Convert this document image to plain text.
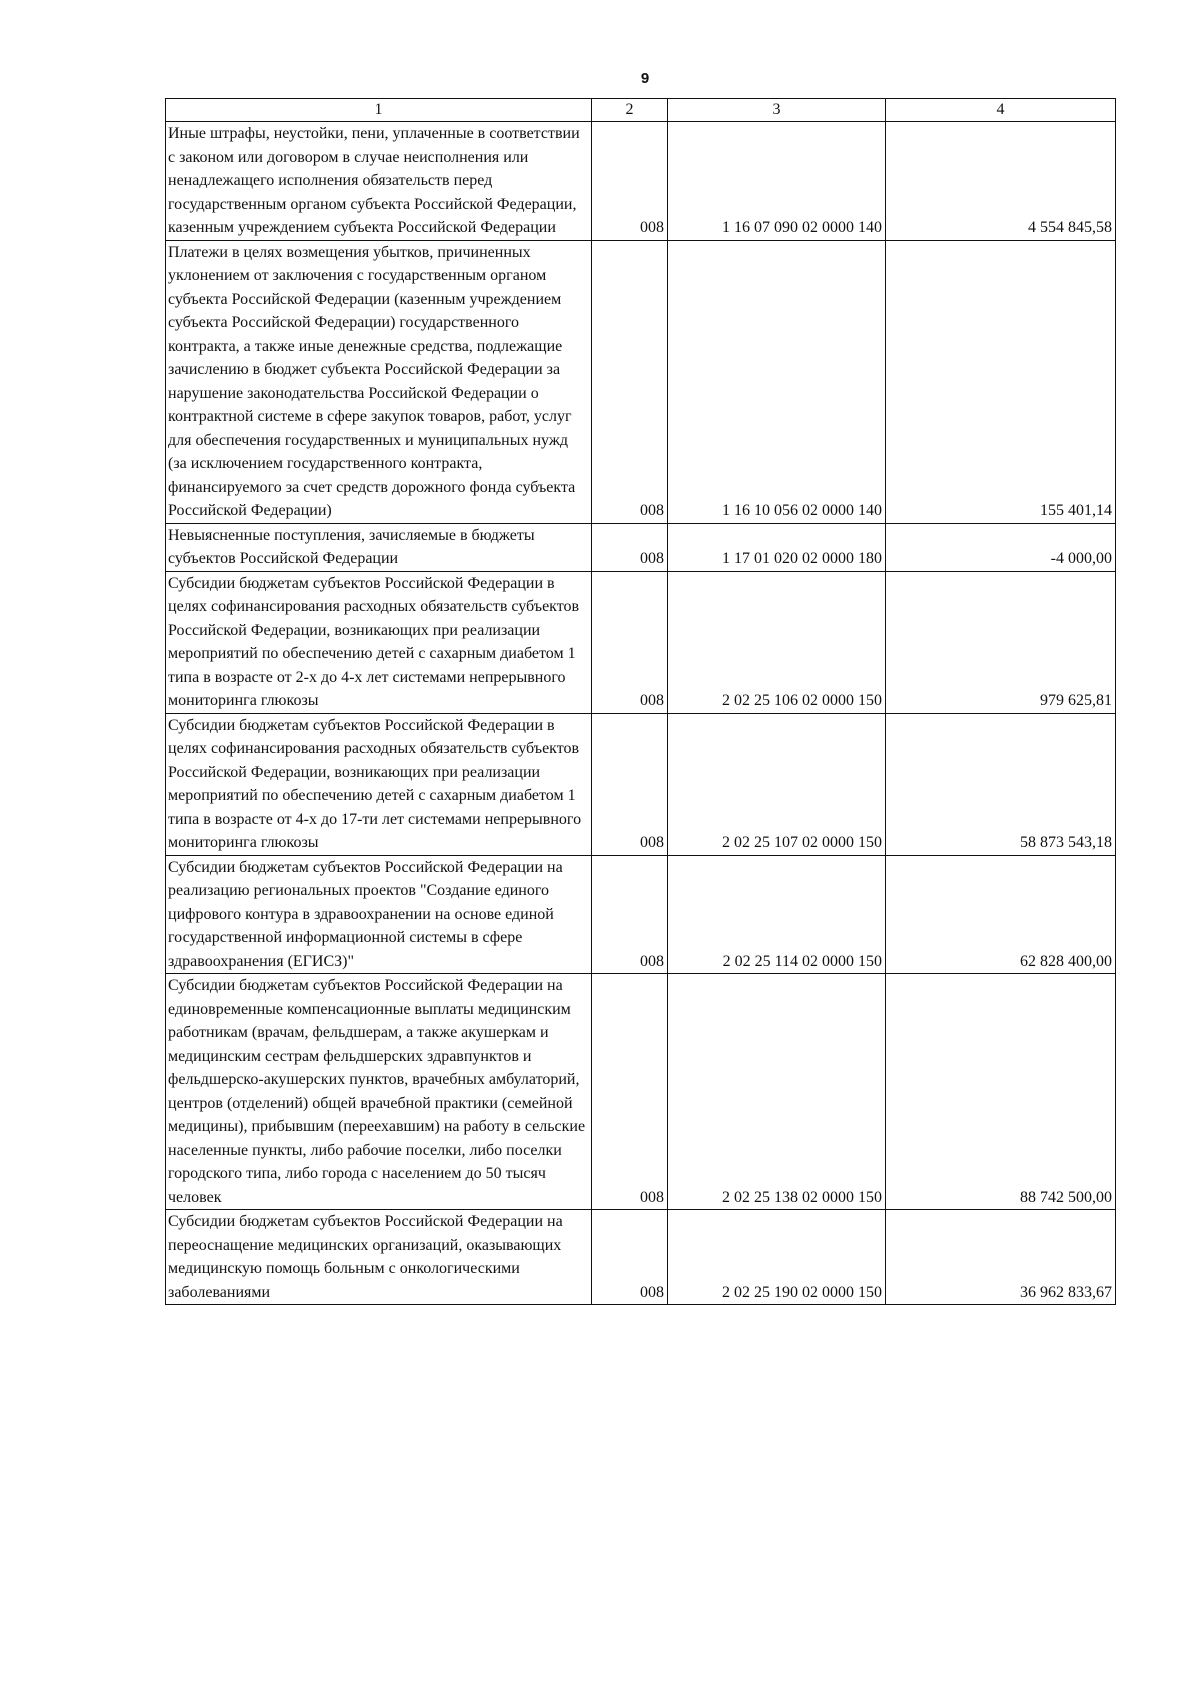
9
1	2	3	4
Иные штрафы, неустойки, пени, уплаченные в соответствии с законом или договором в случае неисполнения или ненадлежащего исполнения обязательств перед государственным органом субъекта Российской Федерации, казенным учреждением субъекта Российской Федерации	008	1 16 07 090 02 0000 140	4 554 845,58
Платежи в целях возмещения убытков, причиненных уклонением от заключения с государственным органом субъекта Российской Федерации (казенным учреждением субъекта Российской Федерации) государственного контракта, а также иные денежные средства, подлежащие зачислению в бюджет субъекта Российской Федерации за нарушение законодательства Российской Федерации о контрактной системе в сфере закупок товаров, работ, услуг для обеспечения государственных и муниципальных нужд (за исключением государственного контракта, финансируемого за счет средств дорожного фонда субъекта Российской Федерации)	008	1 16 10 056 02 0000 140	155 401,14
Невыясненные поступления, зачисляемые в бюджеты субъектов Российской Федерации	008	1 17 01 020 02 0000 180	-4 000,00
Субсидии бюджетам субъектов Российской Федерации в целях софинансирования расходных обязательств субъектов Российской Федерации, возникающих при реализации мероприятий по обеспечению детей с сахарным диабетом 1 типа в возрасте от 2-х до 4-х лет системами непрерывного мониторинга глюкозы	008	2 02 25 106 02 0000 150	979 625,81
Субсидии бюджетам субъектов Российской Федерации в целях софинансирования расходных обязательств субъектов Российской Федерации, возникающих при реализации мероприятий по обеспечению детей с сахарным диабетом 1 типа в возрасте от 4-х до 17-ти лет системами непрерывного мониторинга глюкозы	008	2 02 25 107 02 0000 150	58 873 543,18
Субсидии бюджетам субъектов Российской Федерации на реализацию региональных проектов "Создание единого цифрового контура в здравоохранении на основе единой государственной информационной системы в сфере здравоохранения (ЕГИСЗ)"	008	2 02 25 114 02 0000 150	62 828 400,00
Субсидии бюджетам субъектов Российской Федерации на единовременные компенсационные выплаты медицинским работникам (врачам, фельдшерам, а также акушеркам и медицинским сестрам фельдшерских здравпунктов и фельдшерско-акушерских пунктов, врачебных амбулаторий, центров (отделений) общей врачебной практики (семейной медицины), прибывшим (переехавшим) на работу в сельские населенные пункты, либо рабочие поселки, либо поселки городского типа, либо города с населением до 50 тысяч человек	008	2 02 25 138 02 0000 150	88 742 500,00
Субсидии бюджетам субъектов Российской Федерации на переоснащение медицинских организаций, оказывающих медицинскую помощь больным с онкологическими заболеваниями	008	2 02 25 190 02 0000 150	36 962 833,67
